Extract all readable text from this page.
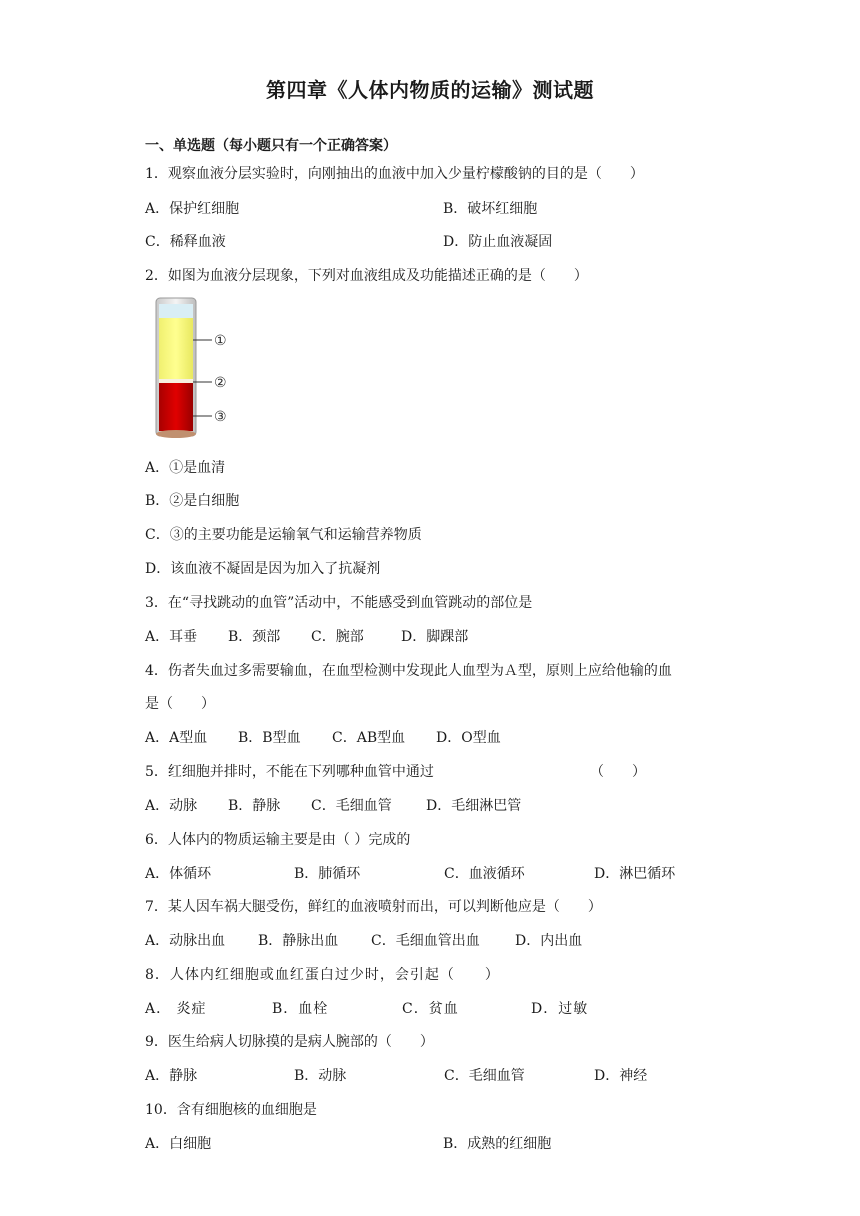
第四章《人体内物质的运输》测试题
一、单选题（每小题只有一个正确答案）
1．观察血液分层实验时，向刚抽出的血液中加入少量柠檬酸钠的目的是（　　）
A．保护红细胞	B．破坏红细胞
C．稀释血液	D．防止血液凝固
2．如图为血液分层现象，下列对血液组成及功能描述正确的是（　　）
①
②
③
A．①是血清
B．②是白细胞
C．③的主要功能是运输氧气和运输营养物质
D．该血液不凝固是因为加入了抗凝剂
3．在“寻找跳动的血管”活动中，不能感受到血管跳动的部位是
A．耳垂 B．颈部 C．腕部	D．脚踝部
4．伤者失血过多需要输血，在血型检测中发现此人血型为Ａ型，原则上应给他输的血
是（　　）
A．A型血 B．B型血 C．AB型血 D．O型血
5．红细胞并排时，不能在下列哪种血管中通过	（　　）
A．动脉 B．静脉 C．毛细血管 D．毛细淋巴管
6．人体内的物质运输主要是由（ ）完成的
A．体循环	B．肺循环	C．血液循环	D．淋巴循环
7．某人因车祸大腿受伤，鲜红的血液喷射而出，可以判断他应是（　　）
A．动脉出血 B．静脉出血 C．毛细血管出血	D．内出血
8．人体内红细胞或血红蛋白过少时，会引起（　　）
A． 炎症	B．血栓	C．贫血	D．过敏
9．医生给病人切脉摸的是病人腕部的（　　）
A．静脉	B．动脉	C．毛细血管	D．神经
10．含有细胞核的血细胞是
A．白细胞	B．成熟的红细胞
